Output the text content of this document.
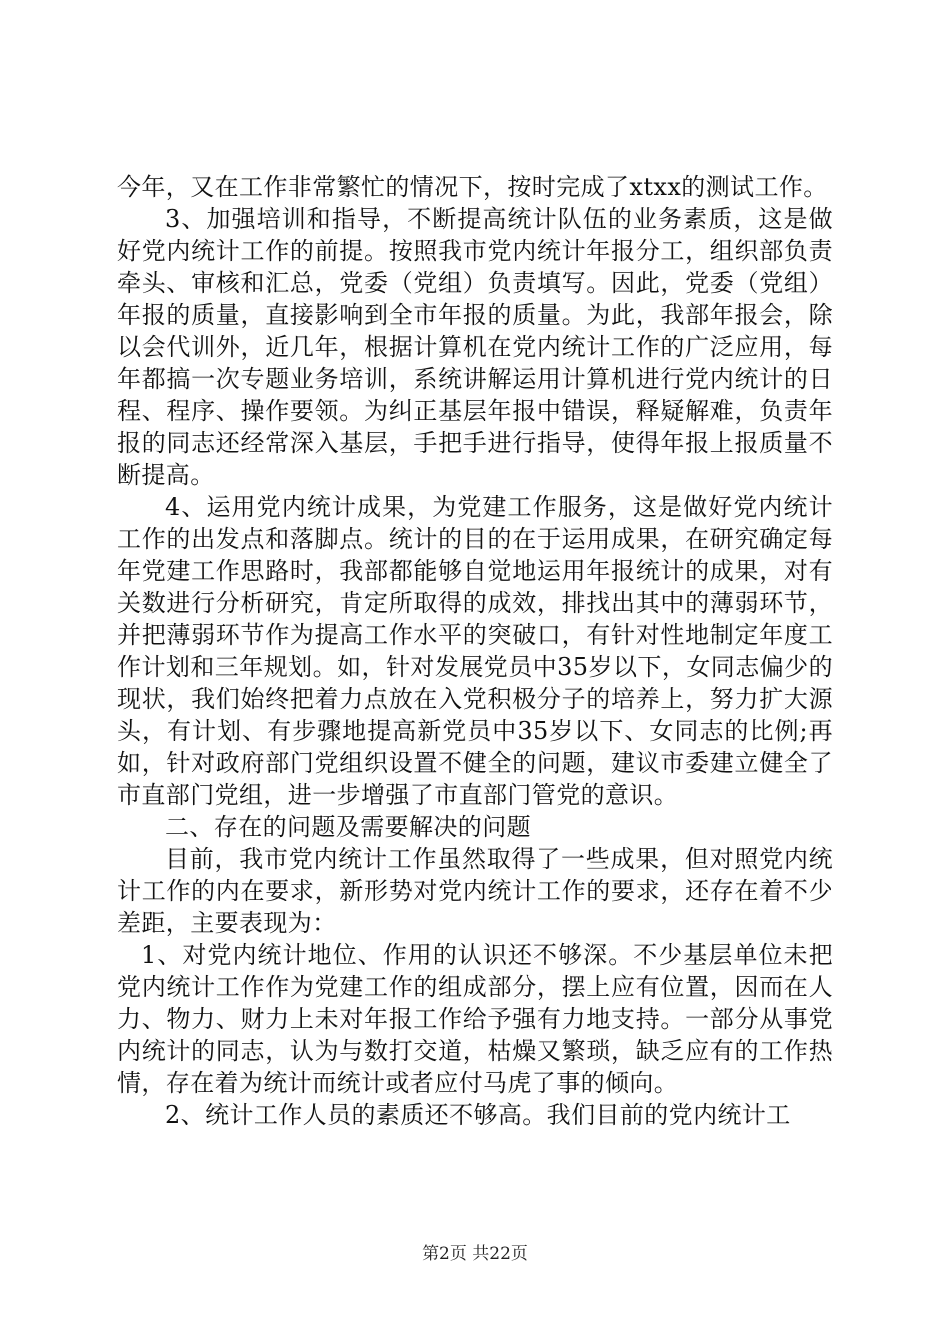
今年，又在工作非常繁忙的情况下，按时完成了xtxx的测试工作。

3、加强培训和指导，不断提高统计队伍的业务素质，这是做好党内统计工作的前提。按照我市党内统计年报分工，组织部负责牵头、审核和汇总，党委（党组）负责填写。因此，党委（党组）年报的质量，直接影响到全市年报的质量。为此，我部年报会，除以会代训外，近几年，根据计算机在党内统计工作的广泛应用，每年都搞一次专题业务培训，系统讲解运用计算机进行党内统计的日程、程序、操作要领。为纠正基层年报中错误，释疑解难，负责年报的同志还经常深入基层，手把手进行指导，使得年报上报质量不断提高。

4、运用党内统计成果，为党建工作服务，这是做好党内统计工作的出发点和落脚点。统计的目的在于运用成果，在研究确定每年党建工作思路时，我部都能够自觉地运用年报统计的成果，对有关数进行分析研究，肯定所取得的成效，排找出其中的薄弱环节，并把薄弱环节作为提高工作水平的突破口，有针对性地制定年度工作计划和三年规划。如，针对发展党员中35岁以下，女同志偏少的现状，我们始终把着力点放在入党积极分子的培养上，努力扩大源头，有计划、有步骤地提高新党员中35岁以下、女同志的比例;再如，针对政府部门党组织设置不健全的问题，建议市委建立健全了市直部门党组，进一步增强了市直部门管党的意识。

二、存在的问题及需要解决的问题

目前，我市党内统计工作虽然取得了一些成果，但对照党内统计工作的内在要求，新形势对党内统计工作的要求，还存在着不少差距，主要表现为：

1、对党内统计地位、作用的认识还不够深。不少基层单位未把党内统计工作作为党建工作的组成部分，摆上应有位置，因而在人力、物力、财力上未对年报工作给予强有力地支持。一部分从事党内统计的同志，认为与数打交道，枯燥又繁琐，缺乏应有的工作热情，存在着为统计而统计或者应付马虎了事的倾向。

2、统计工作人员的素质还不够高。我们目前的党内统计工

第2页 共22页
